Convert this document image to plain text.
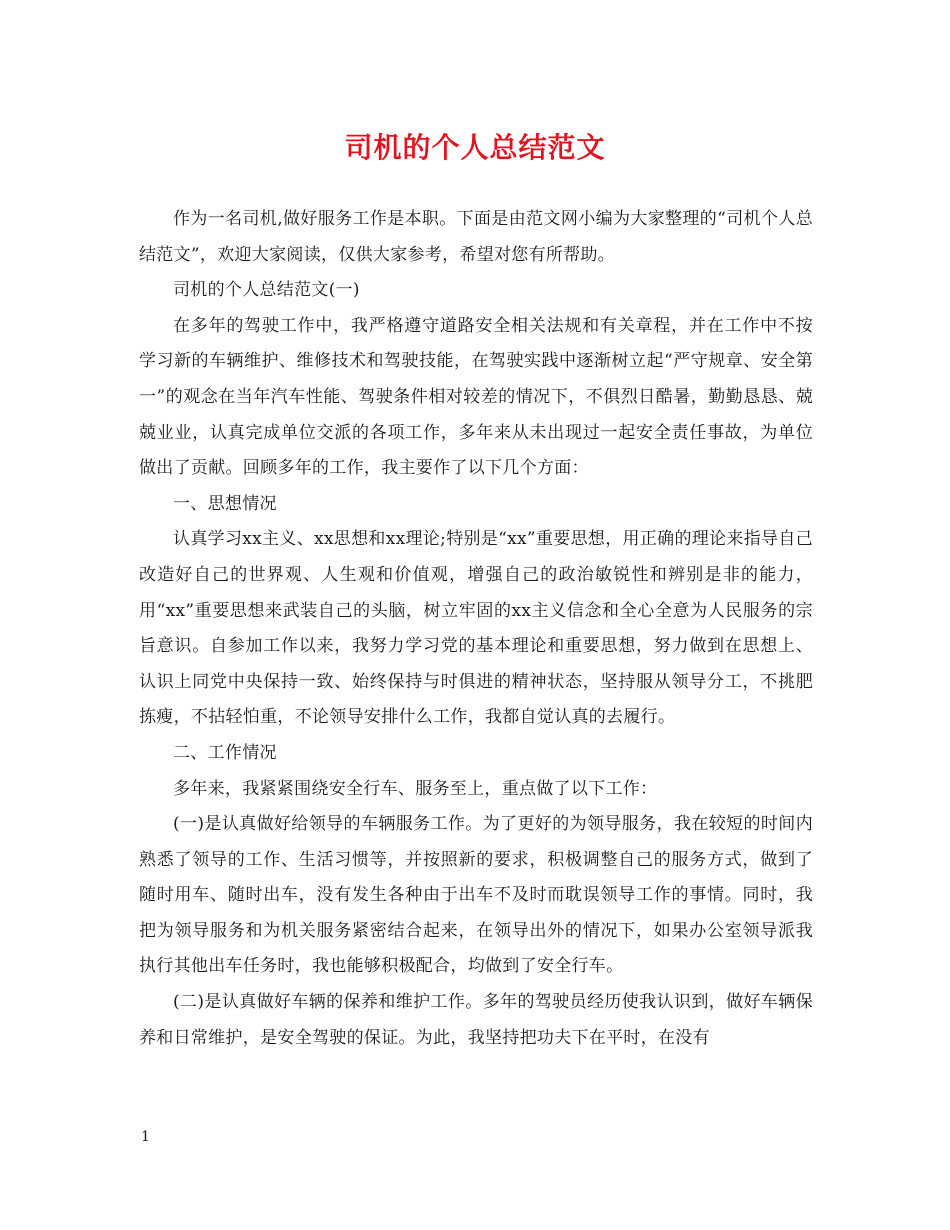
司机的个人总结范文

作为一名司机,做好服务工作是本职。下面是由范文网小编为大家整理的“司机个人总结范文”，欢迎大家阅读，仅供大家参考，希望对您有所帮助。

司机的个人总结范文(一)

在多年的驾驶工作中，我严格遵守道路安全相关法规和有关章程，并在工作中不按学习新的车辆维护、维修技术和驾驶技能，在驾驶实践中逐渐树立起“严守规章、安全第一”的观念在当年汽车性能、驾驶条件相对较差的情况下，不俱烈日酷暑，勤勤恳恳、兢兢业业，认真完成单位交派的各项工作，多年来从未出现过一起安全责任事故，为单位做出了贡献。回顾多年的工作，我主要作了以下几个方面：

一、思想情况

认真学习xx主义、xx思想和xx理论;特别是“xx”重要思想，用正确的理论来指导自己改造好自己的世界观、人生观和价值观，增强自己的政治敏锐性和辨别是非的能力，用“xx”重要思想来武装自己的头脑，树立牢固的xx主义信念和全心全意为人民服务的宗旨意识。自参加工作以来，我努力学习党的基本理论和重要思想，努力做到在思想上、认识上同党中央保持一致、始终保持与时俱进的精神状态，坚持服从领导分工，不挑肥拣瘦，不拈轻怕重，不论领导安排什么工作，我都自觉认真的去履行。

二、工作情况

多年来，我紧紧围绕安全行车、服务至上，重点做了以下工作：

(一)是认真做好给领导的车辆服务工作。为了更好的为领导服务，我在较短的时间内熟悉了领导的工作、生活习惯等，并按照新的要求，积极调整自己的服务方式，做到了随时用车、随时出车，没有发生各种由于出车不及时而耽误领导工作的事情。同时，我把为领导服务和为机关服务紧密结合起来，在领导出外的情况下，如果办公室领导派我执行其他出车任务时，我也能够积极配合，均做到了安全行车。

(二)是认真做好车辆的保养和维护工作。多年的驾驶员经历使我认识到，做好车辆保养和日常维护，是安全驾驶的保证。为此，我坚持把功夫下在平时，在没有

1
